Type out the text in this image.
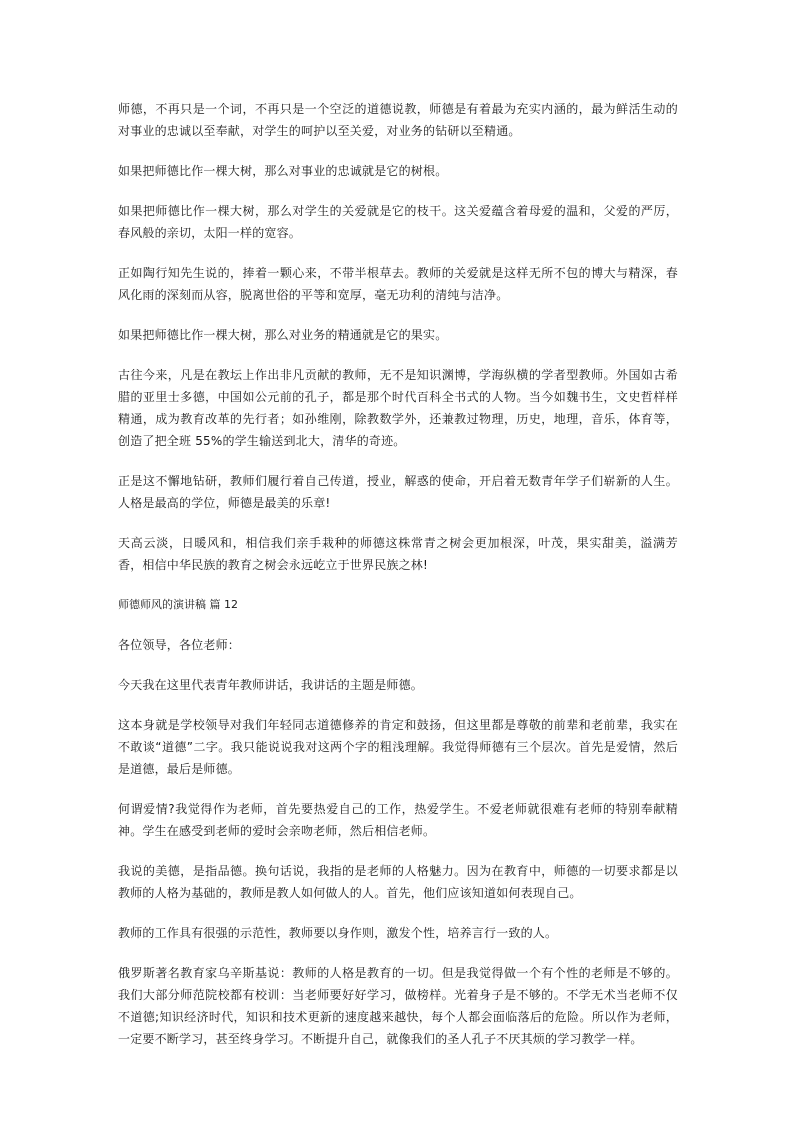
师德，不再只是一个词，不再只是一个空泛的道德说教，师德是有着最为充实内涵的，最为鲜活生动的对事业的忠诚以至奉献，对学生的呵护以至关爱，对业务的钻研以至精通。

如果把师德比作一棵大树，那么对事业的忠诚就是它的树根。

如果把师德比作一棵大树，那么对学生的关爱就是它的枝干。这关爱蕴含着母爱的温和，父爱的严厉，春风般的亲切，太阳一样的宽容。

正如陶行知先生说的，捧着一颗心来，不带半根草去。教师的关爱就是这样无所不包的博大与精深，春风化雨的深刻而从容，脱离世俗的平等和宽厚，毫无功利的清纯与洁净。

如果把师德比作一棵大树，那么对业务的精通就是它的果实。

古往今来，凡是在教坛上作出非凡贡献的教师，无不是知识渊博，学海纵横的学者型教师。外国如古希腊的亚里士多德，中国如公元前的孔子，都是那个时代百科全书式的人物。当今如魏书生，文史哲样样精通，成为教育改革的先行者；如孙维刚，除教数学外，还兼教过物理，历史，地理，音乐，体育等，创造了把全班 55%的学生输送到北大，清华的奇迹。

正是这不懈地钻研，教师们履行着自己传道，授业，解惑的使命，开启着无数青年学子们崭新的人生。人格是最高的学位，师德是最美的乐章!

天高云淡，日暖风和，相信我们亲手栽种的师德这株常青之树会更加根深，叶茂，果实甜美，溢满芳香，相信中华民族的教育之树会永远屹立于世界民族之林!

师德师风的演讲稿 篇 12

各位领导，各位老师：

今天我在这里代表青年教师讲话，我讲话的主题是师德。

这本身就是学校领导对我们年轻同志道德修养的肯定和鼓扬，但这里都是尊敬的前辈和老前辈，我实在不敢谈“道德”二字。我只能说说我对这两个字的粗浅理解。我觉得师德有三个层次。首先是爱情，然后是道德，最后是师德。

何谓爱情?我觉得作为老师，首先要热爱自己的工作，热爱学生。不爱老师就很难有老师的特别奉献精神。学生在感受到老师的爱时会亲吻老师，然后相信老师。

我说的美德，是指品德。换句话说，我指的是老师的人格魅力。因为在教育中，师德的一切要求都是以教师的人格为基础的，教师是教人如何做人的人。首先，他们应该知道如何表现自己。

教师的工作具有很强的示范性，教师要以身作则，激发个性，培养言行一致的人。

俄罗斯著名教育家乌辛斯基说：教师的人格是教育的一切。但是我觉得做一个有个性的老师是不够的。我们大部分师范院校都有校训：当老师要好好学习，做榜样。光着身子是不够的。不学无术当老师不仅不道德;知识经济时代，知识和技术更新的速度越来越快，每个人都会面临落后的危险。所以作为老师，一定要不断学习，甚至终身学习。不断提升自己，就像我们的圣人孔子不厌其烦的学习教学一样。
